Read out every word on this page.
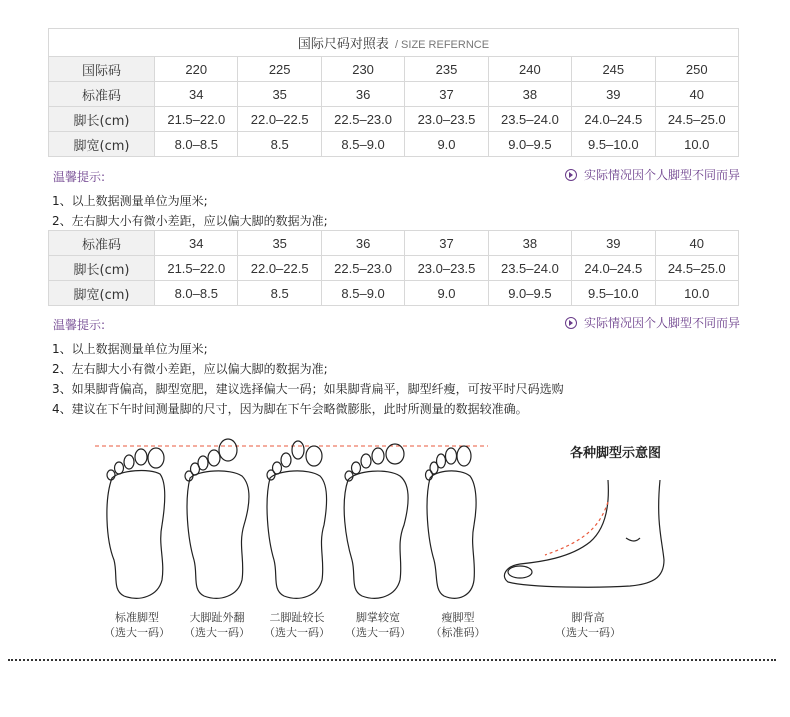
国际尺码对照表 / SIZE REFERNCE							
国际码	220	225	230	235	240	245	250
标准码	34	35	36	37	38	39	40
脚长(cm)	21.5–22.0	22.0–22.5	22.5–23.0	23.0–23.5	23.5–24.0	24.0–24.5	24.5–25.0
脚宽(cm)	8.0–8.5	8.5	8.5–9.0	9.0	9.0–9.5	9.5–10.0	10.0
温馨提示:	实际情况因个人脚型不同而异
1、以上数据测量单位为厘米;
2、左右脚大小有微小差距，应以偏大脚的数据为准;
标准码	34	35	36	37	38	39	40
脚长(cm)	21.5–22.0	22.0–22.5	22.5–23.0	23.0–23.5	23.5–24.0	24.0–24.5	24.5–25.0
脚宽(cm)	8.0–8.5	8.5	8.5–9.0	9.0	9.0–9.5	9.5–10.0	10.0
温馨提示:	实际情况因个人脚型不同而异
1、以上数据测量单位为厘米;
2、左右脚大小有微小差距，应以偏大脚的数据为准;
3、如果脚背偏高，脚型宽肥，建议选择偏大一码；如果脚背扁平，脚型纤瘦，可按平时尺码选购
4、建议在下午时间测量脚的尺寸，因为脚在下午会略微膨胀，此时所测量的数据较准确。
各种脚型示意图
标准脚型
（选大一码）
大脚趾外翻
（选大一码）
二脚趾较长
（选大一码）
脚掌较宽
（选大一码）
瘦脚型
（标准码）
脚背高
（选大一码）
